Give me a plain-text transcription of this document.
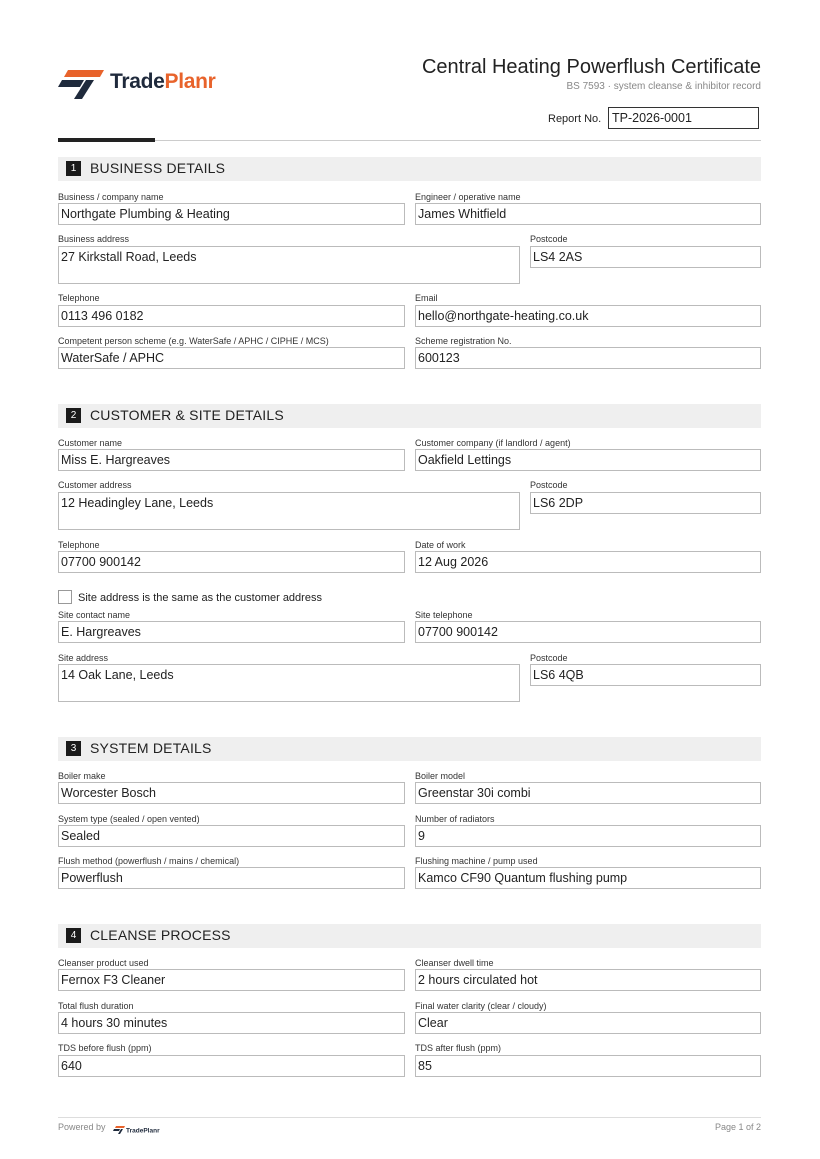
TradePlanr
Central Heating Powerflush Certificate
BS 7593 · system cleanse & inhibitor record
Report No. TP-2026-0001
1 BUSINESS DETAILS
Business / company name
Northgate Plumbing & Heating
Engineer / operative name
James Whitfield
Business address
27 Kirkstall Road, Leeds
Postcode
LS4 2AS
Telephone
0113 496 0182
Email
hello@northgate-heating.co.uk
Competent person scheme (e.g. WaterSafe / APHC / CIPHE / MCS)
WaterSafe / APHC
Scheme registration No.
600123
2 CUSTOMER & SITE DETAILS
Customer name
Miss E. Hargreaves
Customer company (if landlord / agent)
Oakfield Lettings
Customer address
12 Headingley Lane, Leeds
Postcode
LS6 2DP
Telephone
07700 900142
Date of work
12 Aug 2026
Site address is the same as the customer address
Site contact name
E. Hargreaves
Site telephone
07700 900142
Site address
14 Oak Lane, Leeds
Postcode
LS6 4QB
3 SYSTEM DETAILS
Boiler make
Worcester Bosch
Boiler model
Greenstar 30i combi
System type (sealed / open vented)
Sealed
Number of radiators
9
Flush method (powerflush / mains / chemical)
Powerflush
Flushing machine / pump used
Kamco CF90 Quantum flushing pump
4 CLEANSE PROCESS
Cleanser product used
Fernox F3 Cleaner
Cleanser dwell time
2 hours circulated hot
Total flush duration
4 hours 30 minutes
Final water clarity (clear / cloudy)
Clear
TDS before flush (ppm)
640
TDS after flush (ppm)
85
Powered by	TradePlanr	Page 1 of 2
